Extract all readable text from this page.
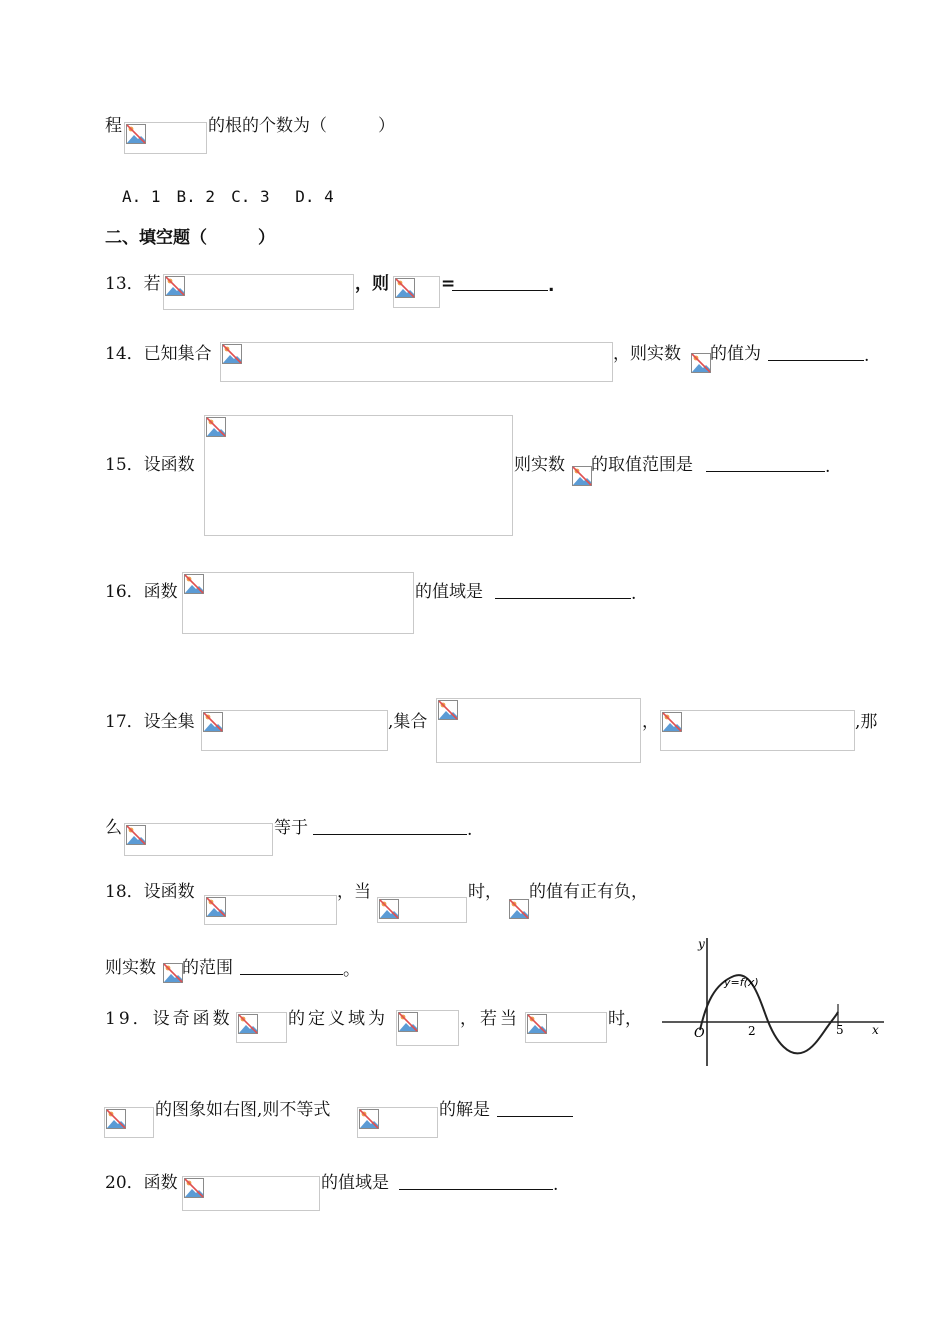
程	的根的个数为（　　　）
A. 1　B. 2　C. 3　 D. 4
二、填空题（　　　）
13．若	，则	=	.
14．已知集合	，则实数 的值为	.
15．设函数	则实数 的取值范围是	.
16．函数	的值域是	.
17．设全集	,集合	，	,那
么	等于	.
18．设函数	，当	时， 的值有正有负，
则实数 的范围	。
19．设奇函数	的定义域为	，若当	时，
的图象如右图,则不等式	的解是
y
x
y=f(x)
O	2	5
20．函数	的值域是	.
